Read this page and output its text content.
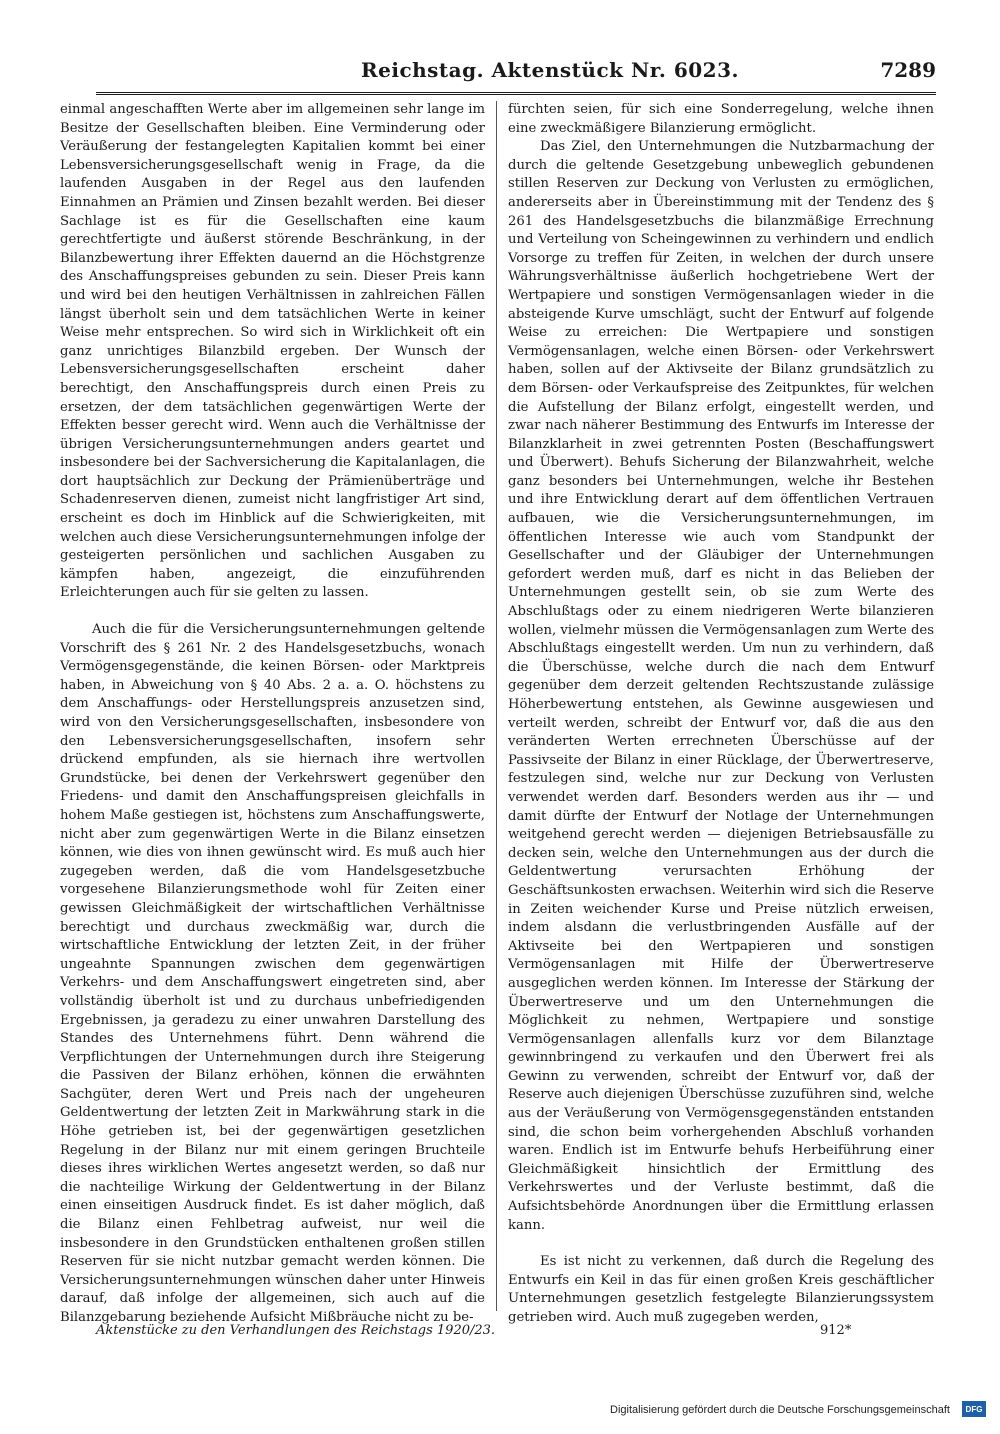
Reichstag. Aktenstück Nr. 6023.	7289

einmal angeschafften Werte aber im allgemeinen sehr lange im Besitze der Gesellschaften bleiben. Eine Verminderung oder Veräußerung der festangelegten Kapitalien kommt bei einer Lebensversicherungsgesellschaft wenig in Frage, da die laufenden Ausgaben in der Regel aus den laufenden Einnahmen an Prämien und Zinsen bezahlt werden. Bei dieser Sachlage ist es für die Gesellschaften eine kaum gerechtfertigte und äußerst störende Beschränkung, in der Bilanzbewertung ihrer Effekten dauernd an die Höchstgrenze des Anschaffungspreises gebunden zu sein. Dieser Preis kann und wird bei den heutigen Verhältnissen in zahlreichen Fällen längst überholt sein und dem tatsächlichen Werte in keiner Weise mehr entsprechen. So wird sich in Wirklichkeit oft ein ganz unrichtiges Bilanzbild ergeben. Der Wunsch der Lebensversicherungsgesellschaften erscheint daher berechtigt, den Anschaffungspreis durch einen Preis zu ersetzen, der dem tatsächlichen gegenwärtigen Werte der Effekten besser gerecht wird. Wenn auch die Verhältnisse der übrigen Versicherungsunternehmungen anders geartet und insbesondere bei der Sachversicherung die Kapitalanlagen, die dort hauptsächlich zur Deckung der Prämienüberträge und Schadenreserven dienen, zumeist nicht langfristiger Art sind, erscheint es doch im Hinblick auf die Schwierigkeiten, mit welchen auch diese Versicherungsunternehmungen infolge der gesteigerten persönlichen und sachlichen Ausgaben zu kämpfen haben, angezeigt, die einzuführenden Erleichterungen auch für sie gelten zu lassen.

Auch die für die Versicherungsunternehmungen geltende Vorschrift des § 261 Nr. 2 des Handelsgesetzbuchs, wonach Vermögensgegenstände, die keinen Börsen- oder Marktpreis haben, in Abweichung von § 40 Abs. 2 a. a. O. höchstens zu dem Anschaffungs- oder Herstellungspreis anzusetzen sind, wird von den Versicherungsgesellschaften, insbesondere von den Lebensversicherungsgesellschaften, insofern sehr drückend empfunden, als sie hiernach ihre wertvollen Grundstücke, bei denen der Verkehrswert gegenüber den Friedens- und damit den Anschaffungspreisen gleichfalls in hohem Maße gestiegen ist, höchstens zum Anschaffungswerte, nicht aber zum gegenwärtigen Werte in die Bilanz einsetzen können, wie dies von ihnen gewünscht wird. Es muß auch hier zugegeben werden, daß die vom Handelsgesetzbuche vorgesehene Bilanzierungsmethode wohl für Zeiten einer gewissen Gleichmäßigkeit der wirtschaftlichen Verhältnisse berechtigt und durchaus zweckmäßig war, durch die wirtschaftliche Entwicklung der letzten Zeit, in der früher ungeahnte Spannungen zwischen dem gegenwärtigen Verkehrs- und dem Anschaffungswert eingetreten sind, aber vollständig überholt ist und zu durchaus unbefriedigenden Ergebnissen, ja geradezu zu einer unwahren Darstellung des Standes des Unternehmens führt. Denn während die Verpflichtungen der Unternehmungen durch ihre Steigerung die Passiven der Bilanz erhöhen, können die erwähnten Sachgüter, deren Wert und Preis nach der ungeheuren Geldentwertung der letzten Zeit in Markwährung stark in die Höhe getrieben ist, bei der gegenwärtigen gesetzlichen Regelung in der Bilanz nur mit einem geringen Bruchteile dieses ihres wirklichen Wertes angesetzt werden, so daß nur die nachteilige Wirkung der Geldentwertung in der Bilanz einen einseitigen Ausdruck findet. Es ist daher möglich, daß die Bilanz einen Fehlbetrag aufweist, nur weil die insbesondere in den Grundstücken enthaltenen großen stillen Reserven für sie nicht nutzbar gemacht werden können. Die Versicherungsunternehmungen wünschen daher unter Hinweis darauf, daß infolge der allgemeinen, sich auch auf die Bilanzgebarung beziehende Aufsicht Mißbräuche nicht zu be-

fürchten seien, für sich eine Sonderregelung, welche ihnen eine zweckmäßigere Bilanzierung ermöglicht.

Das Ziel, den Unternehmungen die Nutzbarmachung der durch die geltende Gesetzgebung unbeweglich gebundenen stillen Reserven zur Deckung von Verlusten zu ermöglichen, andererseits aber in Übereinstimmung mit der Tendenz des § 261 des Handelsgesetzbuchs die bilanzmäßige Errechnung und Verteilung von Scheingewinnen zu verhindern und endlich Vorsorge zu treffen für Zeiten, in welchen der durch unsere Währungsverhältnisse äußerlich hochgetriebene Wert der Wertpapiere und sonstigen Vermögensanlagen wieder in die absteigende Kurve umschlägt, sucht der Entwurf auf folgende Weise zu erreichen: Die Wertpapiere und sonstigen Vermögensanlagen, welche einen Börsen- oder Verkehrswert haben, sollen auf der Aktivseite der Bilanz grundsätzlich zu dem Börsen- oder Verkaufspreise des Zeitpunktes, für welchen die Aufstellung der Bilanz erfolgt, eingestellt werden, und zwar nach näherer Bestimmung des Entwurfs im Interesse der Bilanzklarheit in zwei getrennten Posten (Beschaffungswert und Überwert). Behufs Sicherung der Bilanzwahrheit, welche ganz besonders bei Unternehmungen, welche ihr Bestehen und ihre Entwicklung derart auf dem öffentlichen Vertrauen aufbauen, wie die Versicherungsunternehmungen, im öffentlichen Interesse wie auch vom Standpunkt der Gesellschafter und der Gläubiger der Unternehmungen gefordert werden muß, darf es nicht in das Belieben der Unternehmungen gestellt sein, ob sie zum Werte des Abschlußtags oder zu einem niedrigeren Werte bilanzieren wollen, vielmehr müssen die Vermögensanlagen zum Werte des Abschlußtags eingestellt werden. Um nun zu verhindern, daß die Überschüsse, welche durch die nach dem Entwurf gegenüber dem derzeit geltenden Rechtszustande zulässige Höherbewertung entstehen, als Gewinne ausgewiesen und verteilt werden, schreibt der Entwurf vor, daß die aus den veränderten Werten errechneten Überschüsse auf der Passivseite der Bilanz in einer Rücklage, der Überwertreserve, festzulegen sind, welche nur zur Deckung von Verlusten verwendet werden darf. Besonders werden aus ihr — und damit dürfte der Entwurf der Notlage der Unternehmungen weitgehend gerecht werden — diejenigen Betriebsausfälle zu decken sein, welche den Unternehmungen aus der durch die Geldentwertung verursachten Erhöhung der Geschäftsunkosten erwachsen. Weiterhin wird sich die Reserve in Zeiten weichender Kurse und Preise nützlich erweisen, indem alsdann die verlustbringenden Ausfälle auf der Aktivseite bei den Wertpapieren und sonstigen Vermögensanlagen mit Hilfe der Überwertreserve ausgeglichen werden können. Im Interesse der Stärkung der Überwertreserve und um den Unternehmungen die Möglichkeit zu nehmen, Wertpapiere und sonstige Vermögensanlagen allenfalls kurz vor dem Bilanztage gewinnbringend zu verkaufen und den Überwert frei als Gewinn zu verwenden, schreibt der Entwurf vor, daß der Reserve auch diejenigen Überschüsse zuzuführen sind, welche aus der Veräußerung von Vermögensgegenständen entstanden sind, die schon beim vorhergehenden Abschluß vorhanden waren. Endlich ist im Entwurfe behufs Herbeiführung einer Gleichmäßigkeit hinsichtlich der Ermittlung des Verkehrswertes und der Verluste bestimmt, daß die Aufsichtsbehörde Anordnungen über die Ermittlung erlassen kann.

Es ist nicht zu verkennen, daß durch die Regelung des Entwurfs ein Keil in das für einen großen Kreis geschäftlicher Unternehmungen gesetzlich festgelegte Bilanzierungssystem getrieben wird. Auch muß zugegeben werden,

Aktenstücke zu den Verhandlungen des Reichstags 1920/23.	912*
Digitalisierung gefördert durch die Deutsche Forschungsgemeinschaft DFG
